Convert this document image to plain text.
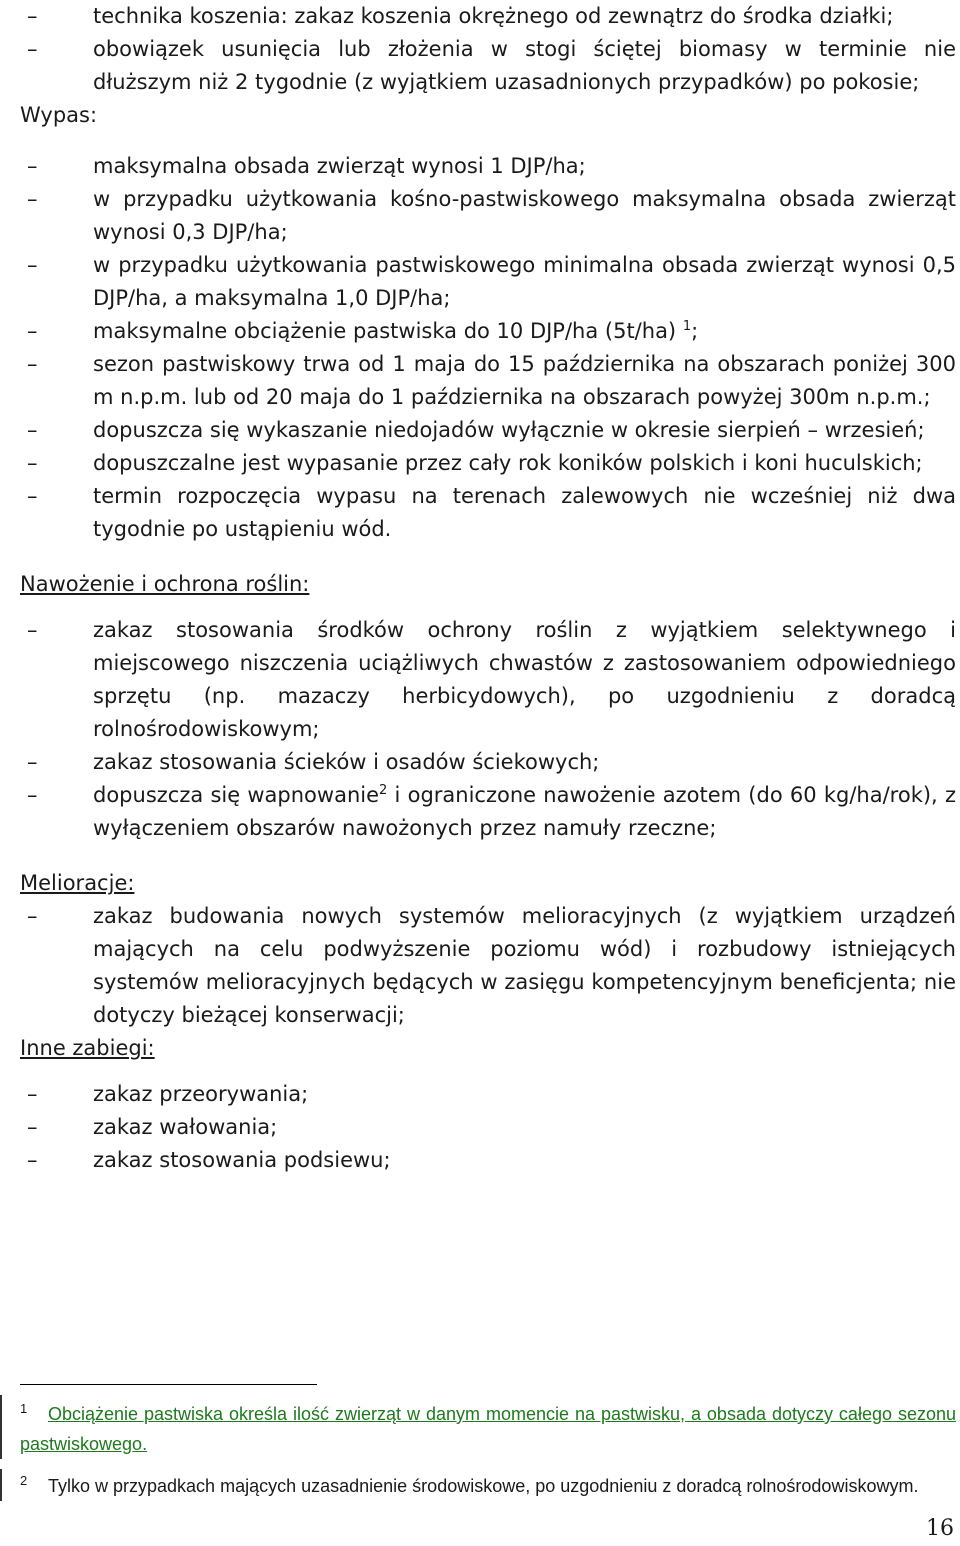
–	technika koszenia: zakaz koszenia okrężnego od zewnątrz do środka działki;
–	obowiązek usunięcia lub złożenia w stogi ściętej biomasy w terminie nie dłuższym niż 2 tygodnie (z wyjątkiem uzasadnionych przypadków) po pokosie;

Wypas:

–	maksymalna obsada zwierząt wynosi 1 DJP/ha;
–	w przypadku użytkowania kośno-pastwiskowego maksymalna obsada zwierząt wynosi 0,3 DJP/ha;
–	w przypadku użytkowania pastwiskowego minimalna obsada zwierząt wynosi 0,5 DJP/ha, a maksymalna 1,0 DJP/ha;
–	maksymalne obciążenie pastwiska do 10 DJP/ha (5t/ha) $^1$;
–	sezon pastwiskowy trwa od 1 maja do 15 października na obszarach poniżej 300 m n.p.m. lub od 20 maja do 1 października na obszarach powyżej 300m n.p.m.;
–	dopuszcza się wykaszanie niedojadów wyłącznie w okresie sierpień – wrzesień;
–	dopuszczalne jest wypasanie przez cały rok koników polskich i koni huculskich;
–	termin rozpoczęcia wypasu na terenach zalewowych nie wcześniej niż dwa tygodnie po ustąpieniu wód.

Nawożenie i ochrona roślin:

–	zakaz stosowania środków ochrony roślin z wyjątkiem selektywnego i miejscowego niszczenia uciążliwych chwastów z zastosowaniem odpowiedniego sprzętu (np. mazaczy herbicydowych), po uzgodnieniu z doradcą rolnośrodowiskowym;
–	zakaz stosowania ścieków i osadów ściekowych;
–	dopuszcza się wapnowanie$^2$ i ograniczone nawożenie azotem (do 60 kg/ha/rok), z wyłączeniem obszarów nawożonych przez namuły rzeczne;

Melioracje:

–	zakaz budowania nowych systemów melioracyjnych (z wyjątkiem urządzeń mających na celu podwyższenie poziomu wód) i rozbudowy istniejących systemów melioracyjnych będących w zasięgu kompetencyjnym beneficjenta; nie dotyczy bieżącej konserwacji;

Inne zabiegi:

–	zakaz przeorywania;
–	zakaz wałowania;
–	zakaz stosowania podsiewu;

1 Obciążenie pastwiska określa ilość zwierząt w danym momencie na pastwisku, a obsada dotyczy całego sezonu pastwiskowego.

2 Tylko w przypadkach mających uzasadnienie środowiskowe, po uzgodnieniu z doradcą rolnośrodowiskowym.

16
